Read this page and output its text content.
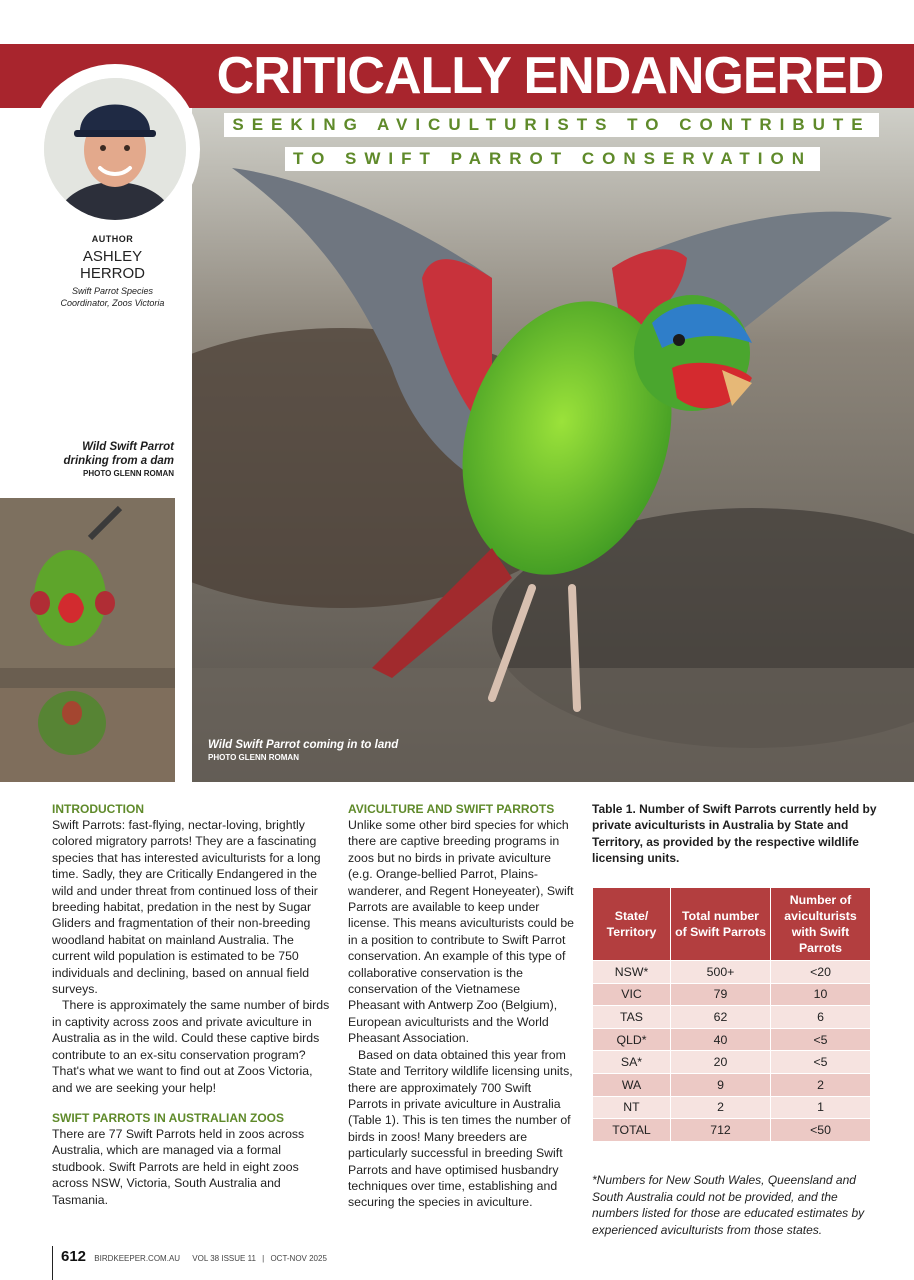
CRITICALLY ENDANGERED
SEEKING AVICULTURISTS TO CONTRIBUTE
TO SWIFT PARROT CONSERVATION
Wild Swift Parrot coming in to land
PHOTO GLENN ROMAN
AUTHOR
ASHLEY
HERROD
Swift Parrot Species
Coordinator, Zoos Victoria
Wild Swift Parrot
drinking from a dam
PHOTO GLENN ROMAN
INTRODUCTION

Swift Parrots: fast-flying, nectar-loving, brightly colored migratory parrots! They are a fascinating species that has interested aviculturists for a long time. Sadly, they are Critically Endangered in the wild and under threat from continued loss of their breeding habitat, predation in the nest by Sugar Gliders and fragmentation of their non-breeding woodland habitat on mainland Australia. The current wild population is estimated to be 750 individuals and declining, based on annual field surveys.

There is approximately the same number of birds in captivity across zoos and private aviculture in Australia as in the wild. Could these captive birds contribute to an ex-situ conservation program? That's what we want to find out at Zoos Victoria, and we are seeking your help!

SWIFT PARROTS IN AUSTRALIAN ZOOS

There are 77 Swift Parrots held in zoos across Australia, which are managed via a formal studbook. Swift Parrots are held in eight zoos across NSW, Victoria, South Australia and Tasmania.

AVICULTURE AND SWIFT PARROTS

Unlike some other bird species for which there are captive breeding programs in zoos but no birds in private aviculture (e.g. Orange-bellied Parrot, Plains-wanderer, and Regent Honeyeater), Swift Parrots are available to keep under license. This means aviculturists could be in a position to contribute to Swift Parrot conservation. An example of this type of collaborative conservation is the conservation of the Vietnamese Pheasant with Antwerp Zoo (Belgium), European aviculturists and the World Pheasant Association.

Based on data obtained this year from State and Territory wildlife licensing units, there are approximately 700 Swift Parrots in private aviculture in Australia (Table 1). This is ten times the number of birds in zoos! Many breeders are particularly successful in breeding Swift Parrots and have optimised husbandry techniques over time, establishing and securing the species in aviculture.

Table 1. Number of Swift Parrots currently held by private aviculturists in Australia by State and Territory, as provided by the respective wildlife licensing units.
State/ Territory	Total number of Swift Parrots	Number of aviculturists with Swift Parrots
NSW*	500+	<20
VIC	79	10
TAS	62	6
QLD*	40	<5
SA*	20	<5
WA	9	2
NT	2	1
TOTAL	712	<50
*Numbers for New South Wales, Queensland and South Australia could not be provided, and the numbers listed for those are educated estimates by experienced aviculturists from those states.
612 BIRDKEEPER.COM.AU VOL 38 ISSUE 11 | OCT-NOV 2025
